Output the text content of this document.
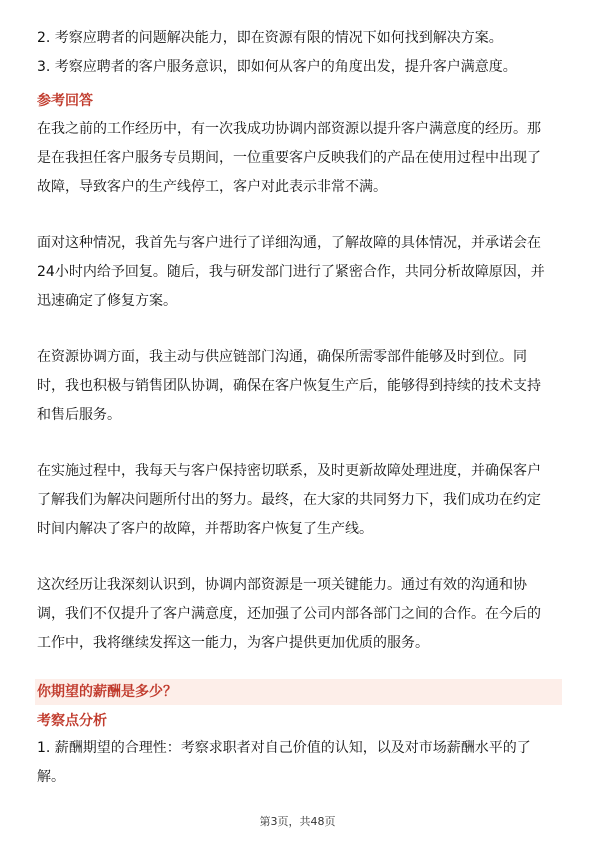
2. 考察应聘者的问题解决能力，即在资源有限的情况下如何找到解决方案。
3. 考察应聘者的客户服务意识，即如何从客户的角度出发，提升客户满意度。
参考回答
在我之前的工作经历中，有一次我成功协调内部资源以提升客户满意度的经历。那
是在我担任客户服务专员期间，一位重要客户反映我们的产品在使用过程中出现了
故障，导致客户的生产线停工，客户对此表示非常不满。
面对这种情况，我首先与客户进行了详细沟通，了解故障的具体情况，并承诺会在
24小时内给予回复。随后，我与研发部门进行了紧密合作，共同分析故障原因，并
迅速确定了修复方案。
在资源协调方面，我主动与供应链部门沟通，确保所需零部件能够及时到位。同
时，我也积极与销售团队协调，确保在客户恢复生产后，能够得到持续的技术支持
和售后服务。
在实施过程中，我每天与客户保持密切联系，及时更新故障处理进度，并确保客户
了解我们为解决问题所付出的努力。最终，在大家的共同努力下，我们成功在约定
时间内解决了客户的故障，并帮助客户恢复了生产线。
这次经历让我深刻认识到，协调内部资源是一项关键能力。通过有效的沟通和协
调，我们不仅提升了客户满意度，还加强了公司内部各部门之间的合作。在今后的
工作中，我将继续发挥这一能力，为客户提供更加优质的服务。
你期望的薪酬是多少？
考察点分析
1. 薪酬期望的合理性：考察求职者对自己价值的认知，以及对市场薪酬水平的了
解。
第3页，共48页
